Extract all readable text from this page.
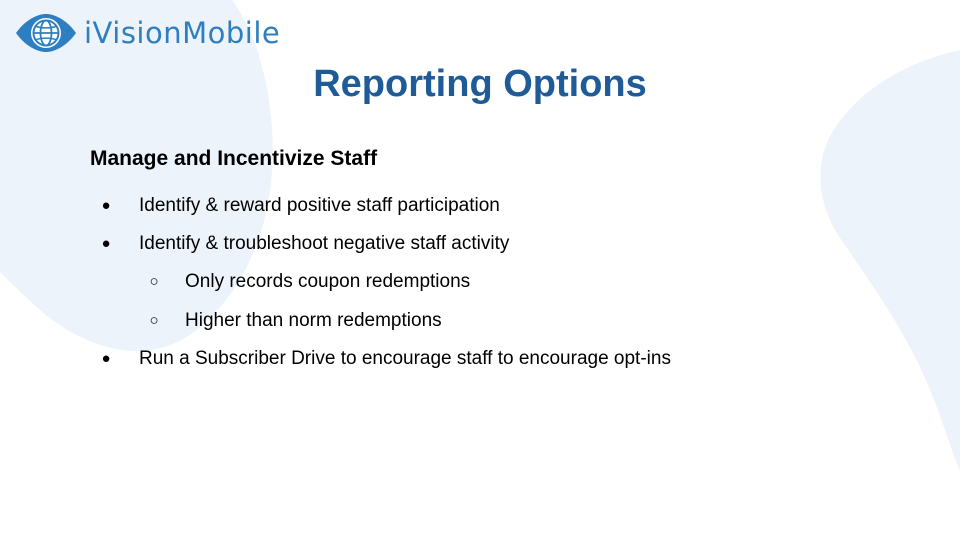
iVisionMobile
Reporting Options
Manage and Incentivize Staff
● Identify & reward positive staff participation
● Identify & troubleshoot negative staff activity
○ Only records coupon redemptions
○ Higher than norm redemptions
● Run a Subscriber Drive to encourage staff to encourage opt-ins
